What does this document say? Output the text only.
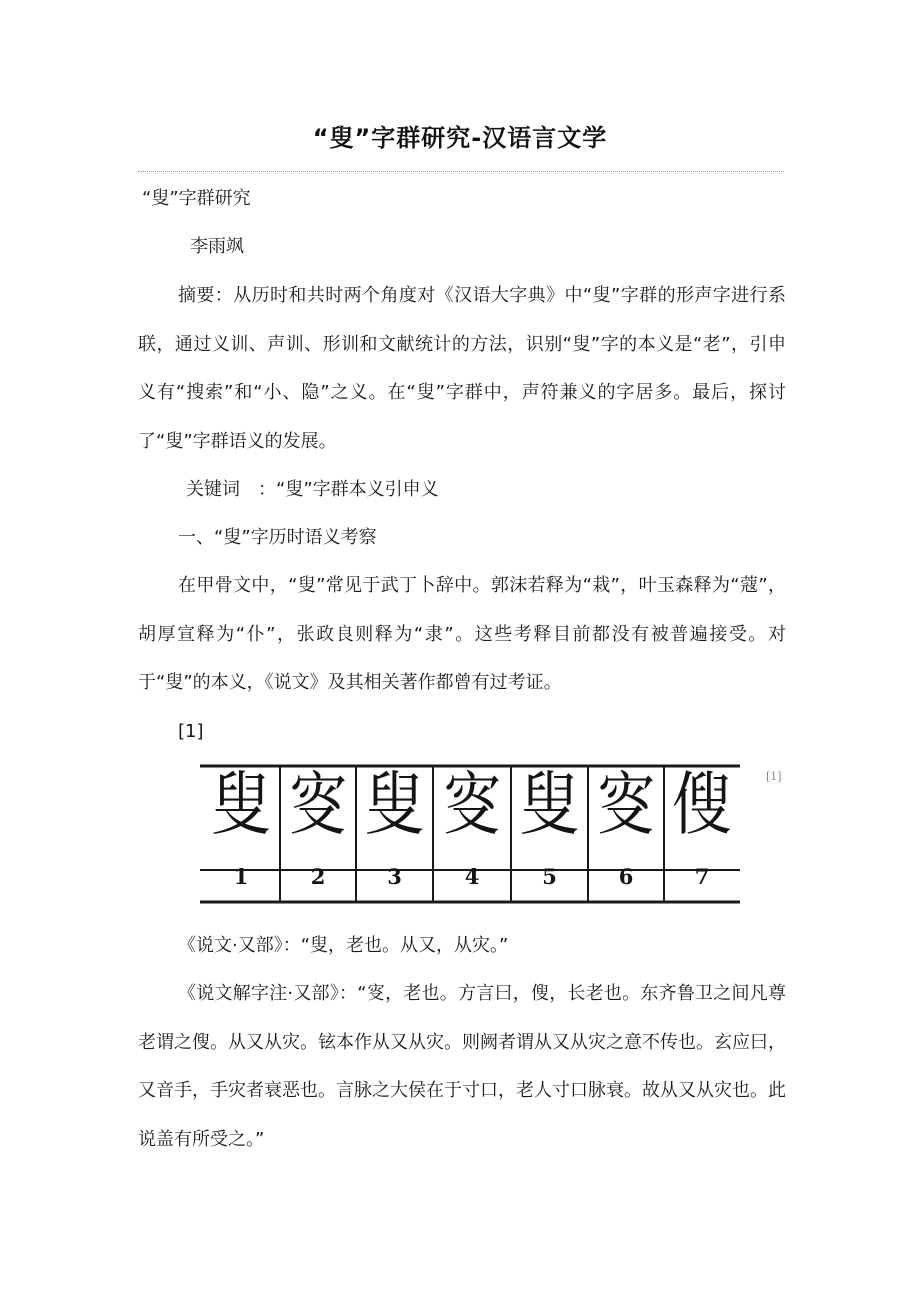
“叟”字群研究-汉语言文学
“叟”字群研究
李雨飒
摘要：从历时和共时两个角度对《汉语大字典》中“叟”字群的形声字进行系联，通过义训、声训、形训和文献统计的方法，识别“叟”字的本义是“老”，引申义有“搜索”和“小、隐”之义。在“叟”字群中，声符兼义的字居多。最后，探讨了“叟”字群语义的发展。
关键词　：“叟”字群本义引申义
一、“叟”字历时语义考察
在甲骨文中，“叟”常见于武丁卜辞中。郭沫若释为“栽”，叶玉森释为“蔻”，胡厚宣释为“仆”，张政良则释为“隶”。这些考释目前都没有被普遍接受。对于“叟”的本义，《说文》及其相关著作都曾有过考证。
[1]
叟
1
叜
2
叟
3
叜
4
叟
5
叜
6
傁
7
[1]
《说文·又部》：“叟，老也。从又，从灾。”
《说文解字注·又部》：“叜，老也。方言曰，傁，长老也。东齐鲁卫之间凡尊老谓之傁。从又从灾。铉本作从又从灾。则阙者谓从又从灾之意不传也。玄应曰，又音手，手灾者衰恶也。言脉之大侯在于寸口，老人寸口脉衰。故从又从灾也。此说盖有所受之。”
